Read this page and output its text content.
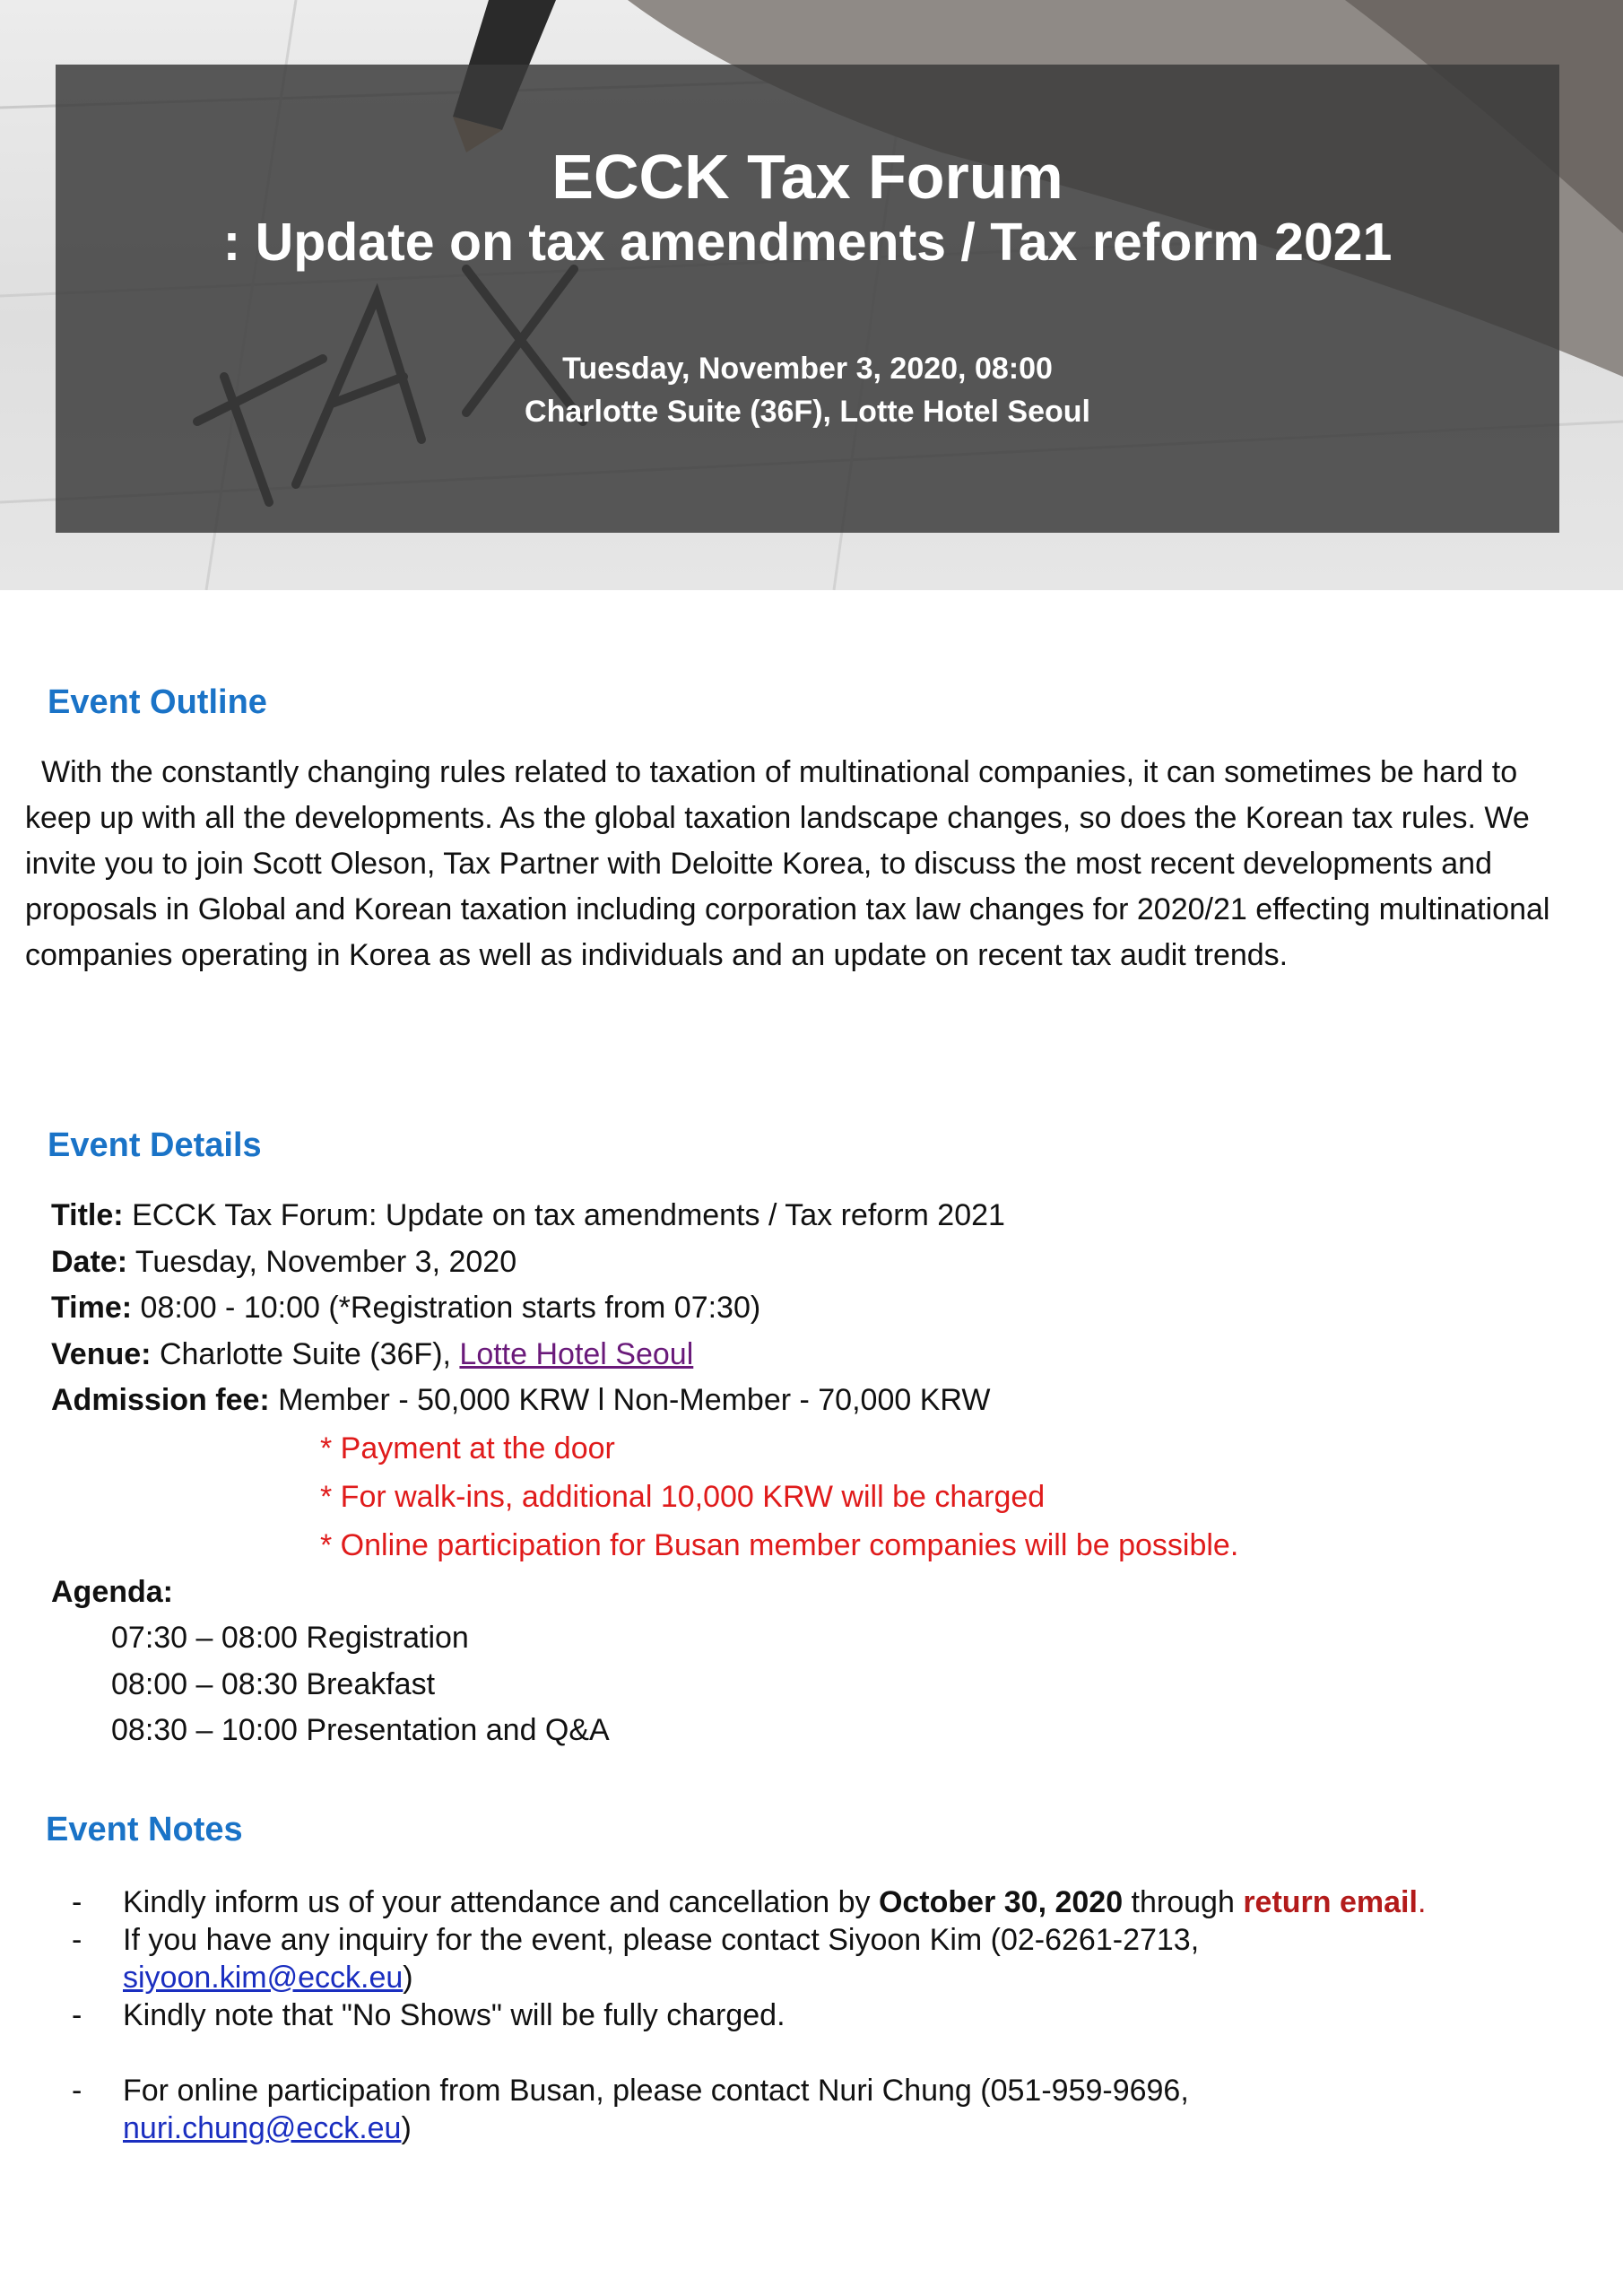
ECCK Tax Forum
: Update on tax amendments / Tax reform 2021
Tuesday, November 3, 2020, 08:00
Charlotte Suite (36F), Lotte Hotel Seoul
Event Outline

With the constantly changing rules related to taxation of multinational companies, it can sometimes be hard to keep up with all the developments. As the global taxation landscape changes, so does the Korean tax rules. We invite you to join Scott Oleson, Tax Partner with Deloitte Korea, to discuss the most recent developments and proposals in Global and Korean taxation including corporation tax law changes for 2020/21 effecting multinational companies operating in Korea as well as individuals and an update on recent tax audit trends.

Event Details
Title: ECCK Tax Forum: Update on tax amendments / Tax reform 2021
Date: Tuesday, November 3, 2020
Time: 08:00 - 10:00 (*Registration starts from 07:30)
Venue: Charlotte Suite (36F), Lotte Hotel Seoul
Admission fee: Member - 50,000 KRW l Non-Member - 70,000 KRW
* Payment at the door
* For walk-ins, additional 10,000 KRW will be charged
* Online participation for Busan member companies will be possible.
Agenda:
07:30 – 08:00 Registration
08:00 – 08:30 Breakfast
08:30 – 10:00 Presentation and Q&A
Event Notes
- Kindly inform us of your attendance and cancellation by October 30, 2020 through return email.
- If you have any inquiry for the event, please contact Siyoon Kim (02-6261-2713,
siyoon.kim@ecck.eu)
- Kindly note that "No Shows" will be fully charged.
- For online participation from Busan, please contact Nuri Chung (051-959-9696,
nuri.chung@ecck.eu)
